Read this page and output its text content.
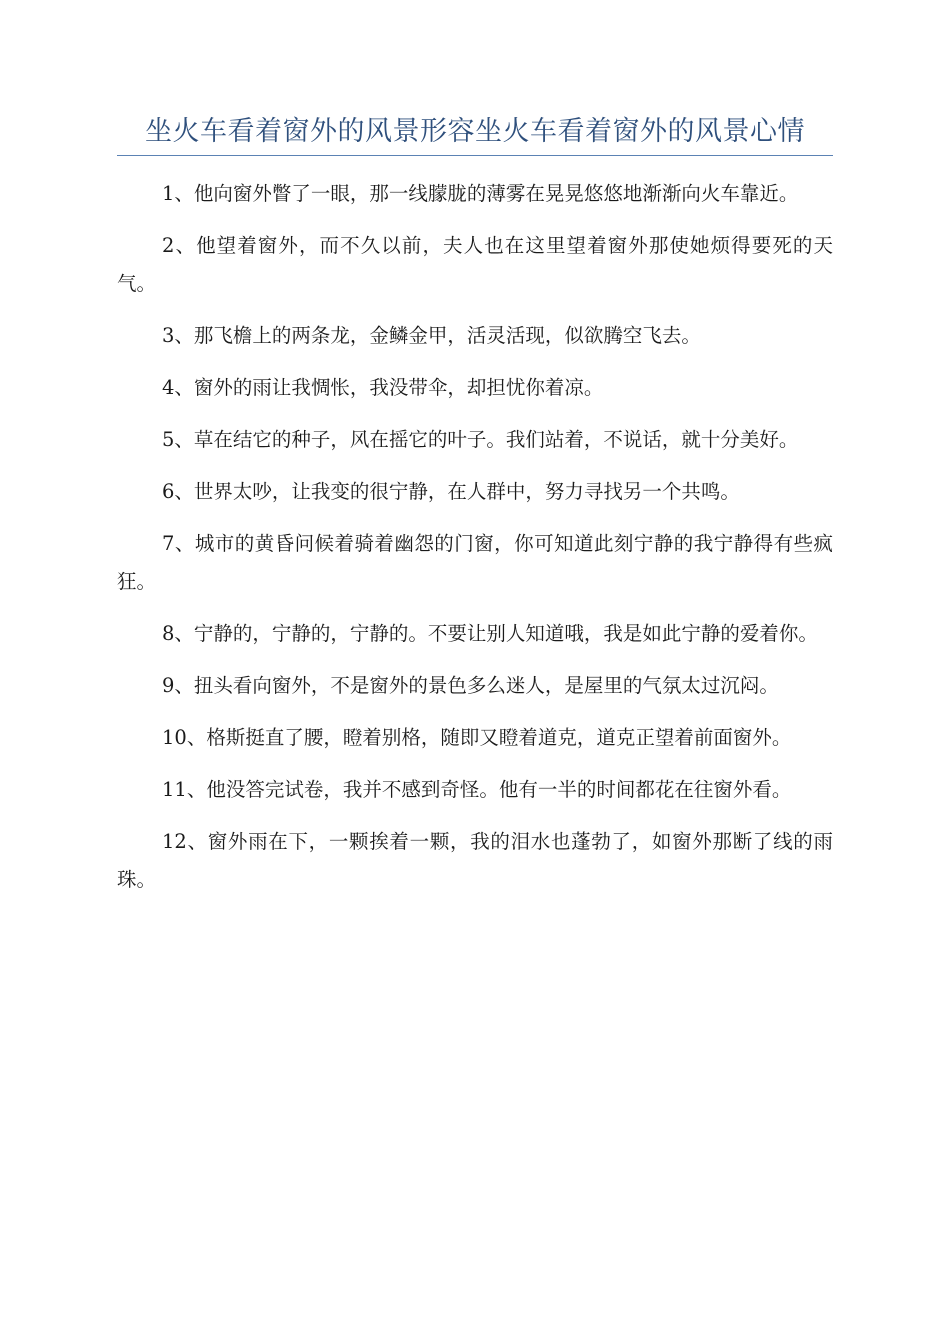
坐火车看着窗外的风景形容坐火车看着窗外的风景心情

1、他向窗外瞥了一眼，那一线朦胧的薄雾在晃晃悠悠地渐渐向火车靠近。

2、他望着窗外，而不久以前，夫人也在这里望着窗外那使她烦得要死的天气。

3、那飞檐上的两条龙，金鳞金甲，活灵活现，似欲腾空飞去。

4、窗外的雨让我惆怅，我没带伞，却担忧你着凉。

5、草在结它的种子，风在摇它的叶子。我们站着，不说话，就十分美好。

6、世界太吵，让我变的很宁静，在人群中，努力寻找另一个共鸣。

7、城市的黄昏问候着骑着幽怨的门窗，你可知道此刻宁静的我宁静得有些疯狂。

8、宁静的，宁静的，宁静的。不要让别人知道哦，我是如此宁静的爱着你。

9、扭头看向窗外，不是窗外的景色多么迷人，是屋里的气氛太过沉闷。

10、格斯挺直了腰，瞪着别格，随即又瞪着道克，道克正望着前面窗外。

11、他没答完试卷，我并不感到奇怪。他有一半的时间都花在往窗外看。

12、窗外雨在下，一颗挨着一颗，我的泪水也蓬勃了，如窗外那断了线的雨珠。
